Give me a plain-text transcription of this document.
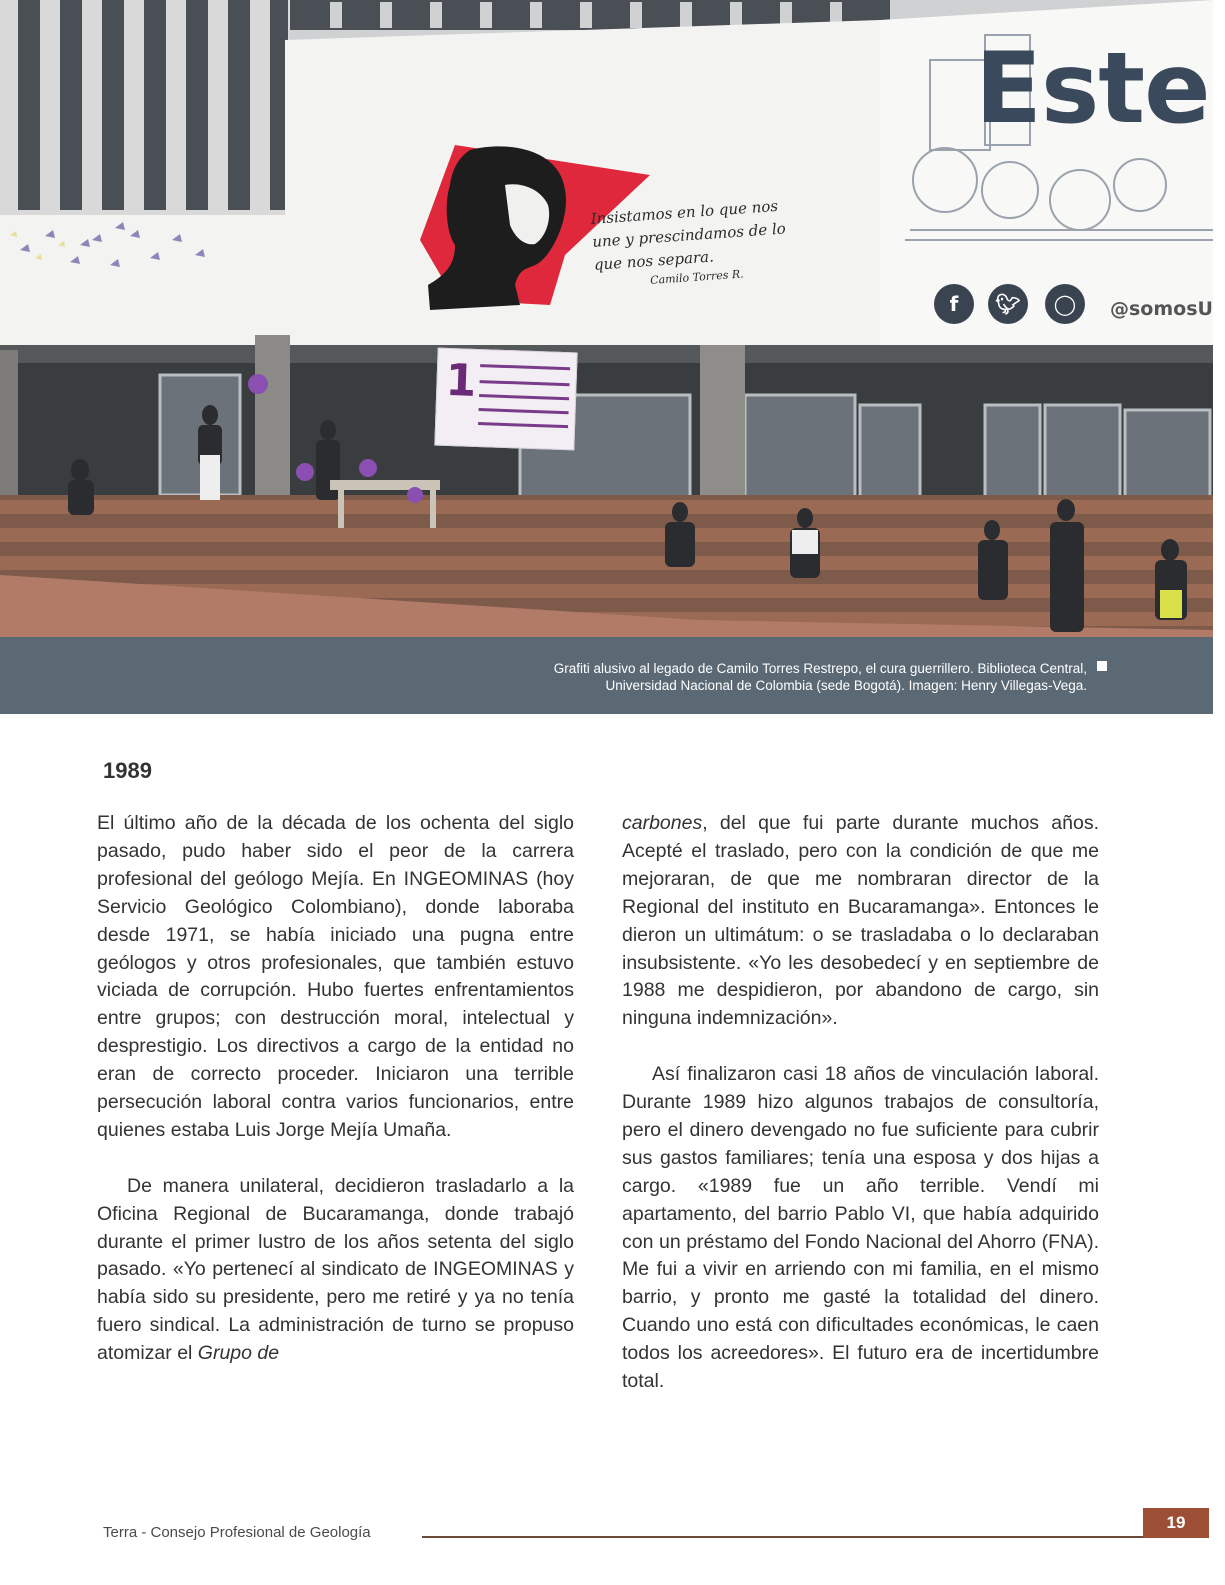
Insistamos en lo que nos une y prescindamos de lo que nos separa.
Camilo Torres R.
Este
f	🐦︎	◯	@somosU
1
Grafiti alusivo al legado de Camilo Torres Restrepo, el cura guerrillero. Biblioteca Central,
Universidad Nacional de Colombia (sede Bogotá). Imagen: Henry Villegas-Vega.
1989

El último año de la década de los ochenta del siglo pasado, pudo haber sido el peor de la carrera profesional del geólogo Mejía. En INGEOMINAS (hoy Servicio Geológico Colombiano), donde laboraba desde 1971, se había iniciado una pugna entre geólogos y otros profesionales, que también estuvo viciada de corrupción. Hubo fuertes enfrentamientos entre grupos; con destrucción moral, intelectual y desprestigio. Los directivos a cargo de la entidad no eran de correcto proceder. Iniciaron una terrible persecución laboral contra varios funcionarios, entre quienes estaba Luis Jorge Mejía Umaña.

De manera unilateral, decidieron trasladarlo a la Oficina Regional de Bucaramanga, donde trabajó durante el primer lustro de los años setenta del siglo pasado. «Yo pertenecí al sindicato de INGEOMINAS y había sido su presidente, pero me retiré y ya no tenía fuero sindical. La administración de turno se propuso atomizar el Grupo de

carbones, del que fui parte durante muchos años. Acepté el traslado, pero con la condición de que me mejoraran, de que me nombraran director de la Regional del instituto en Bucaramanga». Entonces le dieron un ultimátum: o se trasladaba o lo declaraban insubsistente. «Yo les desobedecí y en septiembre de 1988 me despidieron, por abandono de cargo, sin ninguna indemnización».

Así finalizaron casi 18 años de vinculación laboral. Durante 1989 hizo algunos trabajos de consultoría, pero el dinero devengado no fue suficiente para cubrir sus gastos familiares; tenía una esposa y dos hijas a cargo. «1989 fue un año terrible. Vendí mi apartamento, del barrio Pablo VI, que había adquirido con un préstamo del Fondo Nacional del Ahorro (FNA). Me fui a vivir en arriendo con mi familia, en el mismo barrio, y pronto me gasté la totalidad del dinero. Cuando uno está con dificultades económicas, le caen todos los acreedores». El futuro era de incertidumbre total.

Terra - Consejo Profesional de Geología
19
